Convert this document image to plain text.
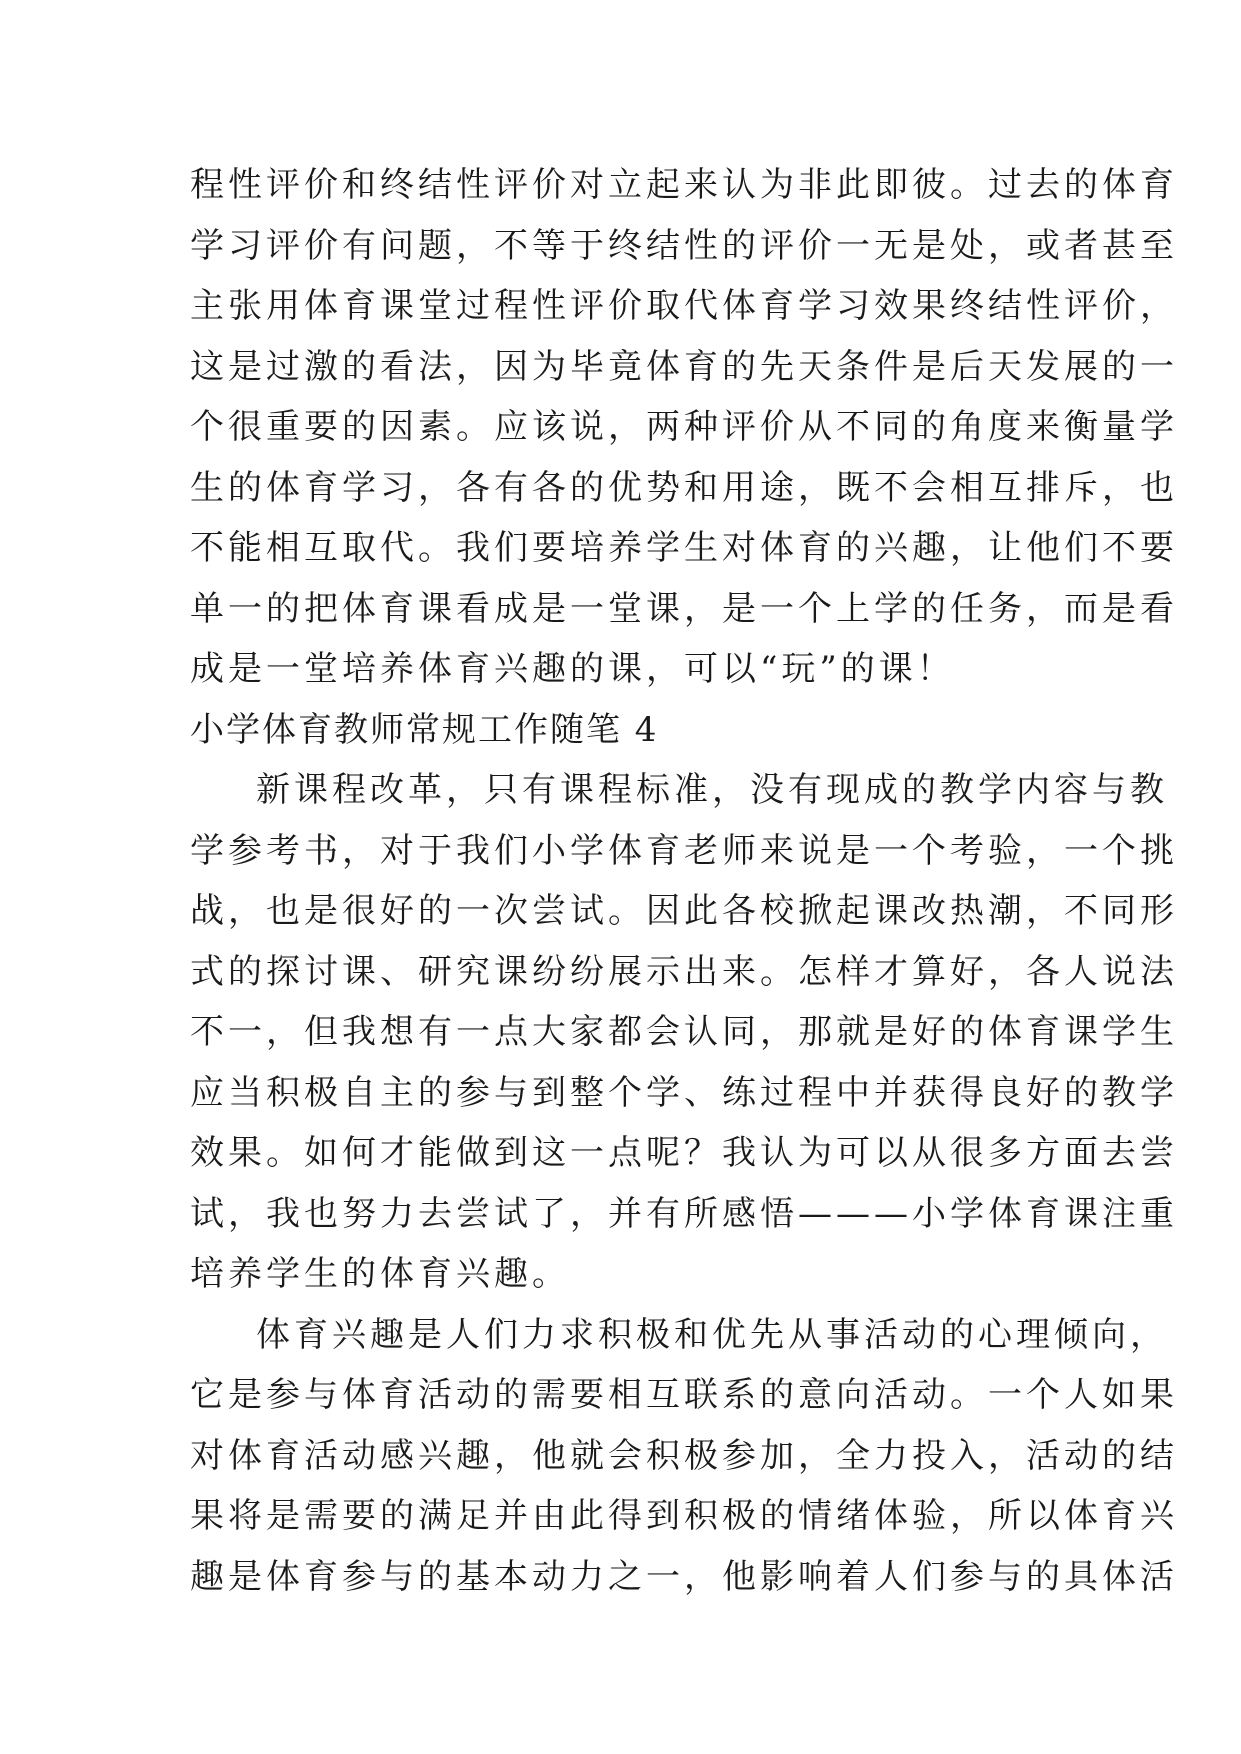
程性评价和终结性评价对立起来认为非此即彼。过去的体育

学习评价有问题，不等于终结性的评价一无是处，或者甚至

主张用体育课堂过程性评价取代体育学习效果终结性评价，

这是过激的看法，因为毕竟体育的先天条件是后天发展的一

个很重要的因素。应该说，两种评价从不同的角度来衡量学

生的体育学习，各有各的优势和用途，既不会相互排斥，也

不能相互取代。我们要培养学生对体育的兴趣，让他们不要

单一的把体育课看成是一堂课，是一个上学的任务，而是看

成是一堂培养体育兴趣的课，可以“玩”的课！

小学体育教师常规工作随笔 4

新课程改革，只有课程标准，没有现成的教学内容与教

学参考书，对于我们小学体育老师来说是一个考验，一个挑

战，也是很好的一次尝试。因此各校掀起课改热潮，不同形

式的探讨课、研究课纷纷展示出来。怎样才算好，各人说法

不一，但我想有一点大家都会认同，那就是好的体育课学生

应当积极自主的参与到整个学、练过程中并获得良好的教学

效果。如何才能做到这一点呢？我认为可以从很多方面去尝

试，我也努力去尝试了，并有所感悟———小学体育课注重

培养学生的体育兴趣。

体育兴趣是人们力求积极和优先从事活动的心理倾向，

它是参与体育活动的需要相互联系的意向活动。一个人如果

对体育活动感兴趣，他就会积极参加，全力投入，活动的结

果将是需要的满足并由此得到积极的情绪体验，所以体育兴

趣是体育参与的基本动力之一，他影响着人们参与的具体活
